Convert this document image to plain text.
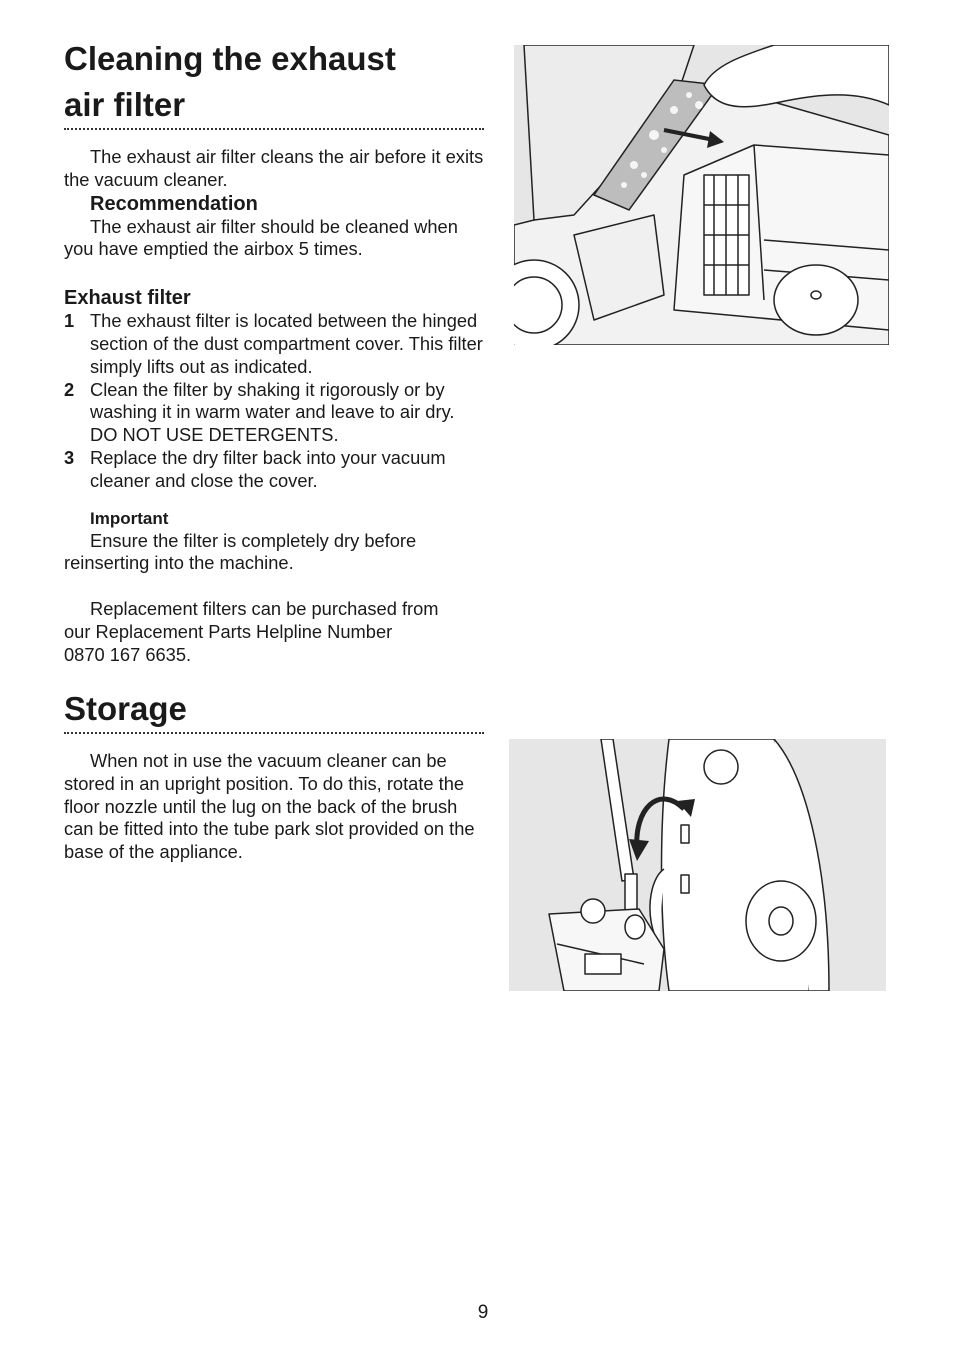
Cleaning the exhaust
air filter

The exhaust air filter cleans the air before it exits the vacuum cleaner.

Recommendation

The exhaust air filter should be cleaned when you have emptied the airbox 5 times.

Exhaust filter
1 The exhaust filter is located between the hinged section of the dust compartment cover. This filter simply lifts out as indicated.
2 Clean the filter by shaking it rigorously or by washing it in warm water and leave to air dry. DO NOT USE DETERGENTS.
3 Replace the dry filter back into your vacuum cleaner and close the cover.
Important

Ensure the filter is completely dry before reinserting into the machine.

Replacement filters can be purchased from
our Replacement Parts Helpline Number
0870 167 6635.

Storage

When not in use the vacuum cleaner can be stored in an upright position. To do this, rotate the floor nozzle until the lug on the back of the brush can be fitted into the tube park slot provided on the base of the appliance.

9
